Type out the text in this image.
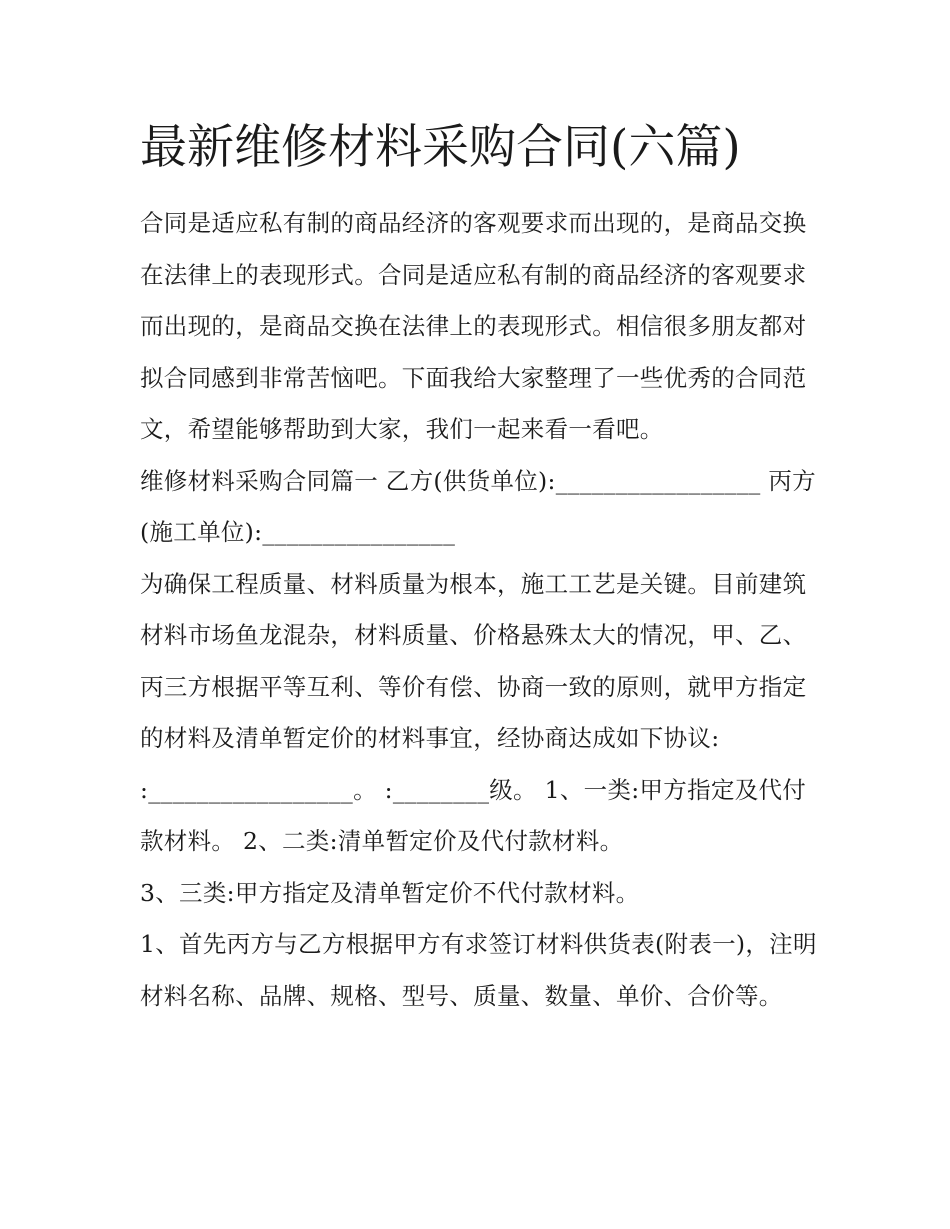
最新维修材料采购合同(六篇)

合同是适应私有制的商品经济的客观要求而出现的，是商品交换在法律上的表现形式。合同是适应私有制的商品经济的客观要求而出现的，是商品交换在法律上的表现形式。相信很多朋友都对拟合同感到非常苦恼吧。下面我给大家整理了一些优秀的合同范文，希望能够帮助到大家，我们一起来看一看吧。

维修材料采购合同篇一 乙方(供货单位):_________________ 丙方(施工单位):________________

为确保工程质量、材料质量为根本，施工工艺是关键。目前建筑材料市场鱼龙混杂，材料质量、价格悬殊太大的情况，甲、乙、丙三方根据平等互利、等价有偿、协商一致的原则，就甲方指定的材料及清单暂定价的材料事宜，经协商达成如下协议:

:_________________。 :________级。 1、一类:甲方指定及代付款材料。 2、二类:清单暂定价及代付款材料。

3、三类:甲方指定及清单暂定价不代付款材料。

1、首先丙方与乙方根据甲方有求签订材料供货表(附表一)，注明材料名称、品牌、规格、型号、质量、数量、单价、合价等。
